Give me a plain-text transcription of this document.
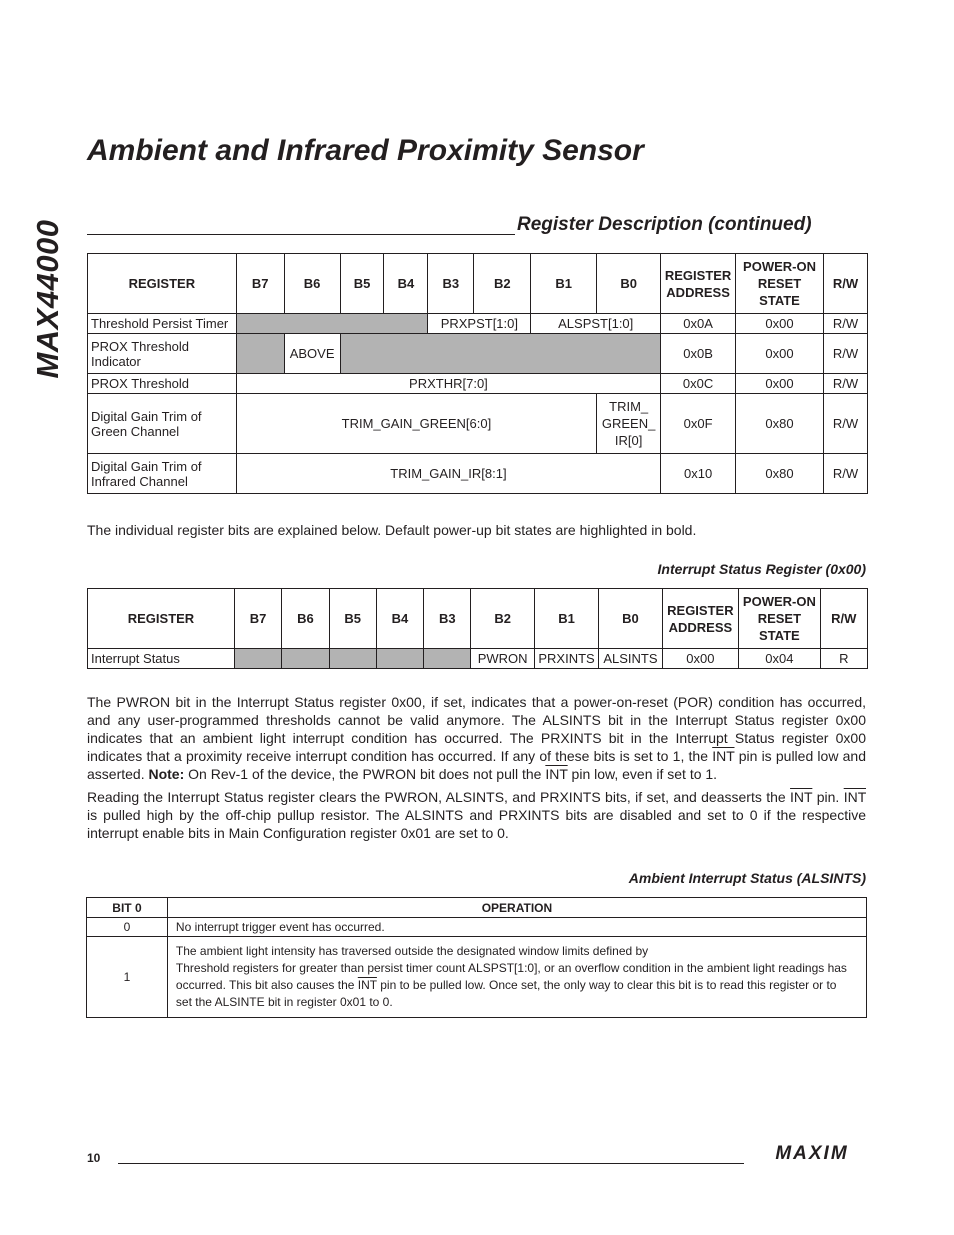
MAX44000
Ambient and Infrared Proximity Sensor
Register Description (continued)
REGISTER	B7	B6	B5	B4	B3	B2	B1	B0	REGISTER ADDRESS	POWER-ON RESET STATE	R/W
Threshold Persist Timer					PRXPST[1:0]		ALSPST[1:0]		0x0A	0x00	R/W
PROX Threshold Indicator		ABOVE							0x0B	0x00	R/W
PROX Threshold	PRXTHR[7:0]								0x0C	0x00	R/W
Digital Gain Trim of Green Channel	TRIM_GAIN_GREEN[6:0]							TRIM_ GREEN_ IR[0]	0x0F	0x80	R/W
Digital Gain Trim of Infrared Channel	TRIM_GAIN_IR[8:1]								0x10	0x80	R/W
The individual register bits are explained below. Default power-up bit states are highlighted in bold.
Interrupt Status Register (0x00)
REGISTER	B7	B6	B5	B4	B3	B2	B1	B0	REGISTER ADDRESS	POWER-ON RESET STATE	R/W
Interrupt Status						PWRON	PRXINTS	ALSINTS	0x00	0x04	R
The PWRON bit in the Interrupt Status register 0x00, if set, indicates that a power-on-reset (POR) condition has occurred, and any user-programmed thresholds cannot be valid anymore. The ALSINTS bit in the Interrupt Status register 0x00 indicates that an ambient light interrupt condition has occurred. The PRXINTS bit in the Interrupt Status register 0x00 indicates that a proximity receive interrupt condition has occurred. If any of these bits is set to 1, the $\overline{INT}$ pin is pulled low and asserted. Note: On Rev-1 of the device, the PWRON bit does not pull the $\overline{INT}$ pin low, even if set to 1.
Reading the Interrupt Status register clears the PWRON, ALSINTS, and PRXINTS bits, if set, and deasserts the $\overline{INT}$ pin. $\overline{INT}$ is pulled high by the off-chip pullup resistor. The ALSINTS and PRXINTS bits are disabled and set to 0 if the respective interrupt enable bits in Main Configuration register 0x01 are set to 0.
Ambient Interrupt Status (ALSINTS)
BIT 0	OPERATION
0	No interrupt trigger event has occurred.
1	The ambient light intensity has traversed outside the designated window limits defined by
Threshold registers for greater than persist timer count ALSPST[1:0], or an overflow condition in the ambient light readings has occurred. This bit also causes the $\overline{INT}$ pin to be pulled low. Once set, the only way to clear this bit is to read this register or to set the ALSINTE bit in register 0x01 to 0.
10	MAXIM
